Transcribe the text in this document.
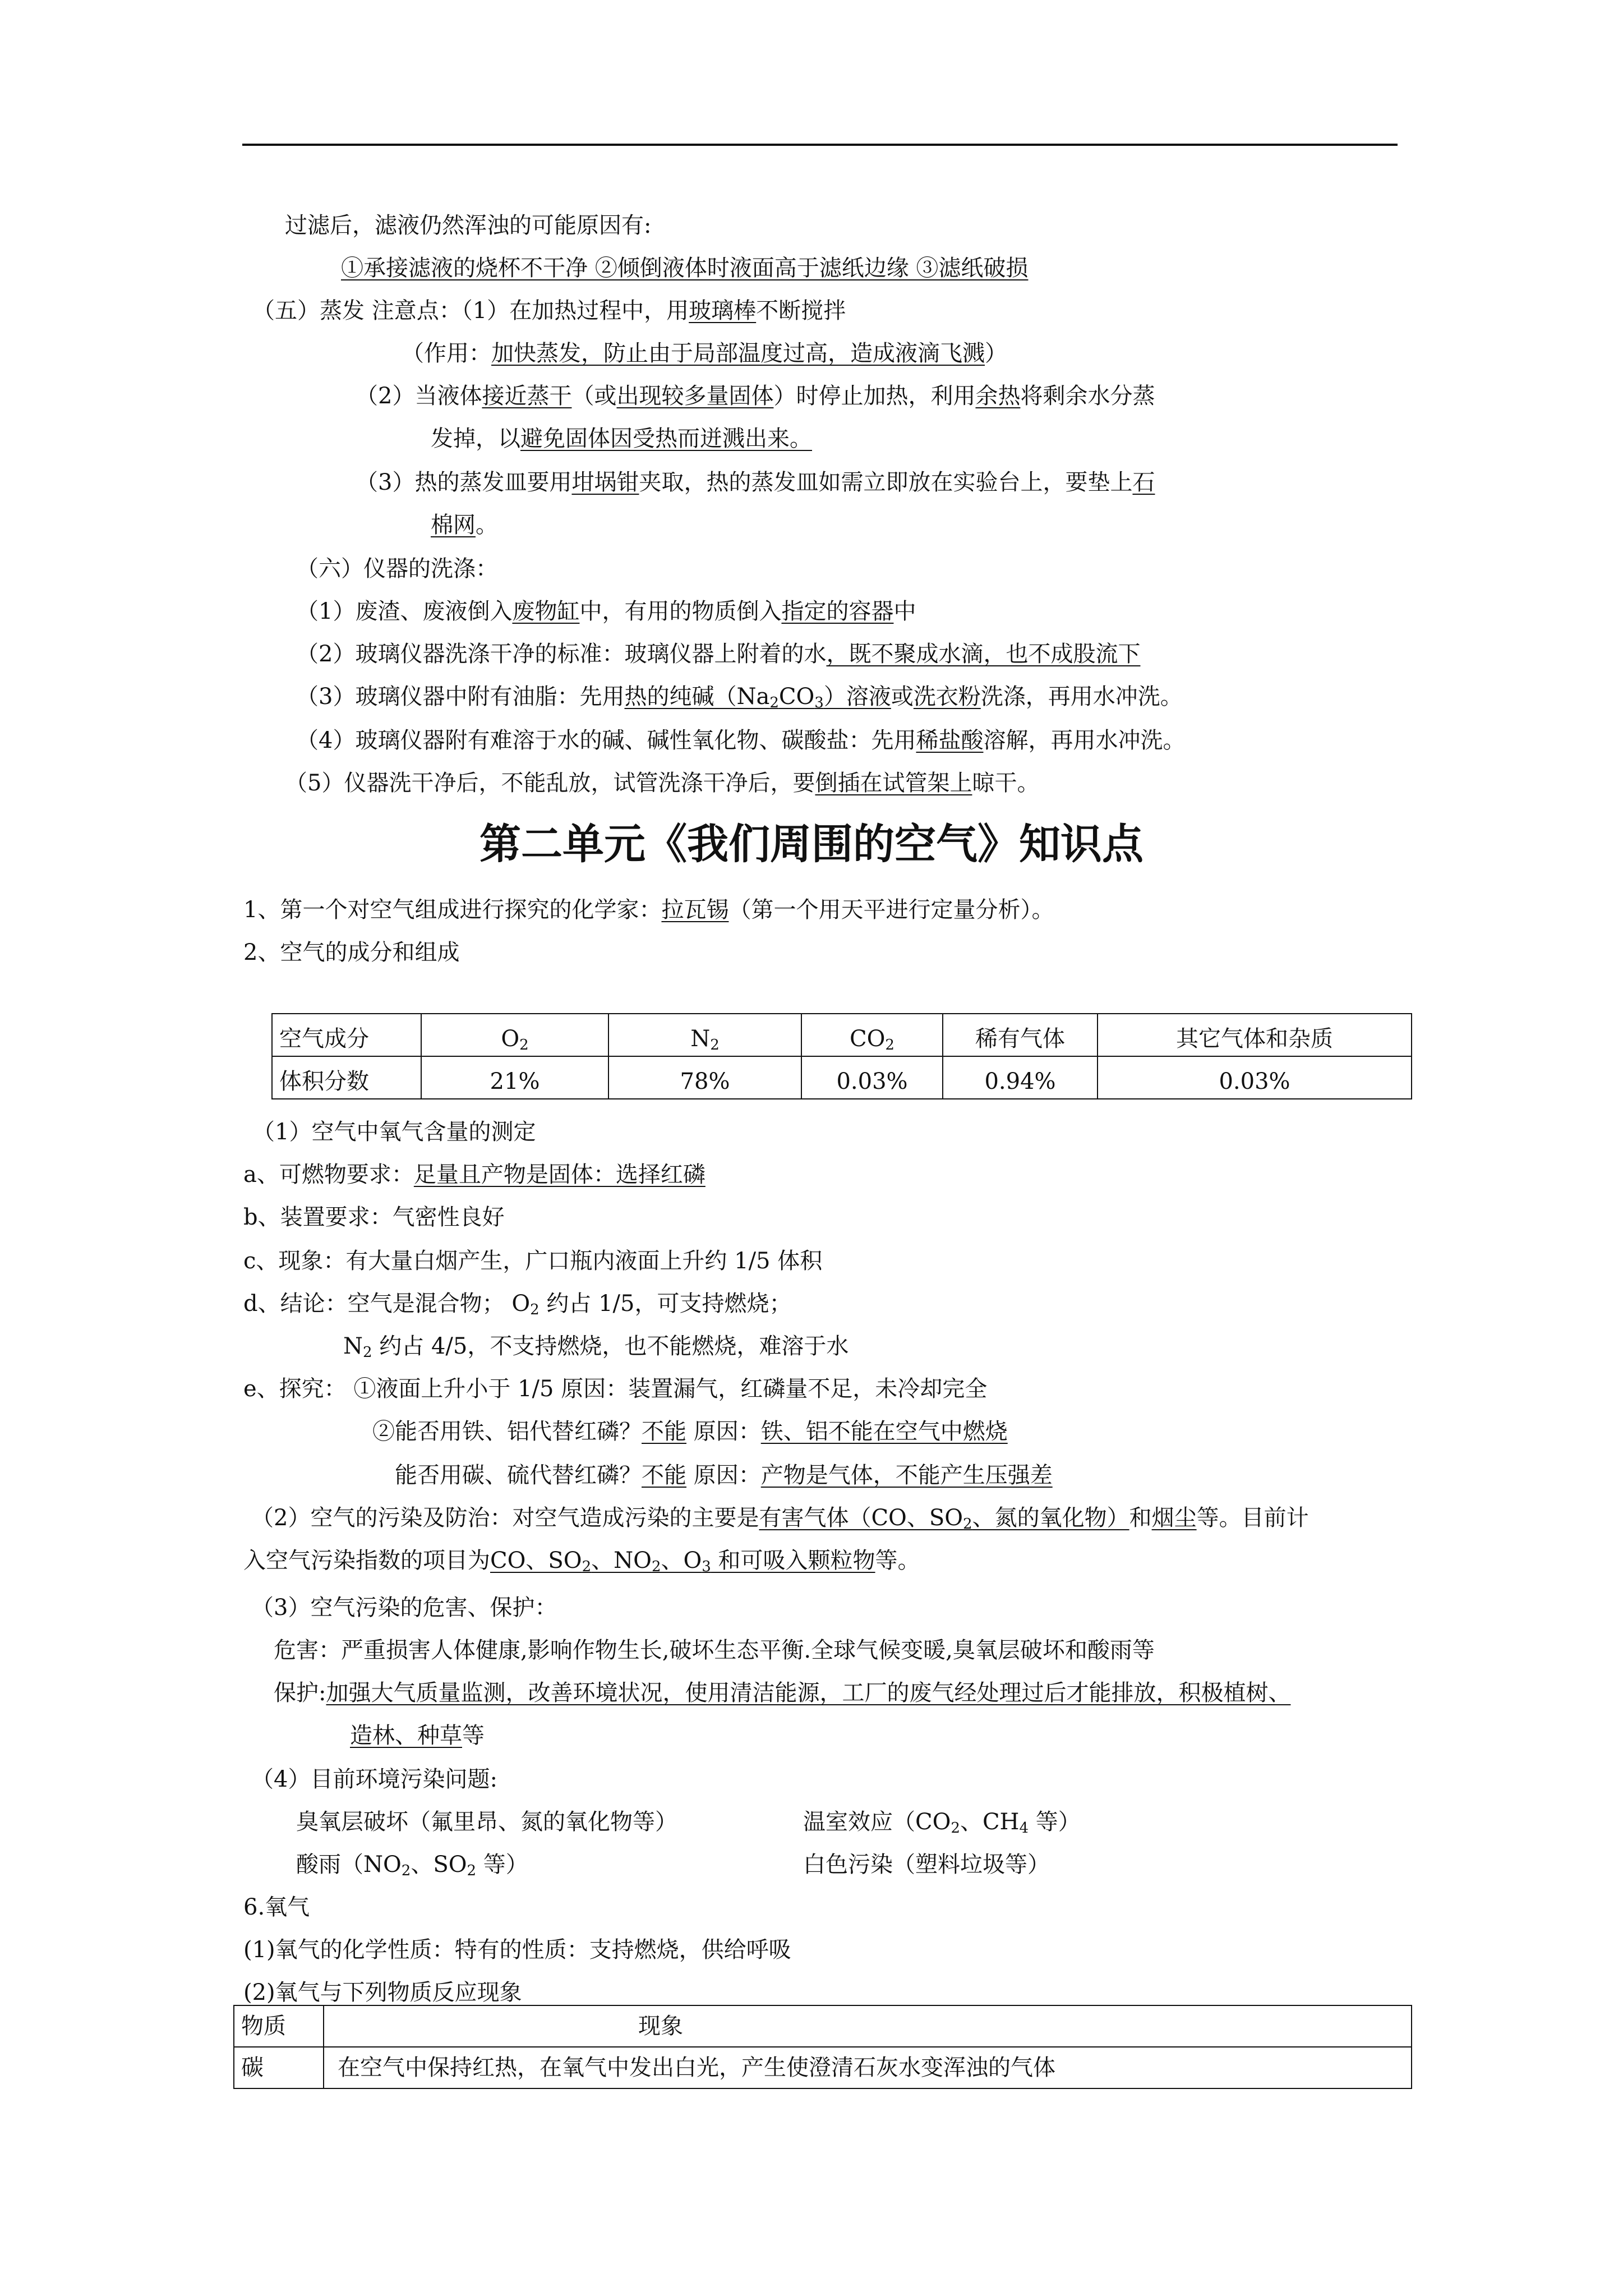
过滤后，滤液仍然浑浊的可能原因有:
①承接滤液的烧杯不干净 ②倾倒液体时液面高于滤纸边缘 ③滤纸破损
（五）蒸发 注意点：（1）在加热过程中，用玻璃棒不断搅拌
（作用：加快蒸发，防止由于局部温度过高，造成液滴飞溅）
（2）当液体接近蒸干（或出现较多量固体）时停止加热，利用余热将剩余水分蒸
发掉，以避免固体因受热而迸溅出来。
（3）热的蒸发皿要用坩埚钳夹取，热的蒸发皿如需立即放在实验台上，要垫上石
棉网。
（六）仪器的洗涤：
（1）废渣、废液倒入废物缸中，有用的物质倒入指定的容器中
（2）玻璃仪器洗涤干净的标准：玻璃仪器上附着的水，既不聚成水滴，也不成股流下
（3）玻璃仪器中附有油脂：先用热的纯碱$(Na_2CO_3)$溶液或洗衣粉洗涤，再用水冲洗。
（4）玻璃仪器附有难溶于水的碱、碱性氧化物、碳酸盐：先用稀盐酸溶解，再用水冲洗。
（5）仪器洗干净后，不能乱放，试管洗涤干净后，要倒插在试管架上晾干。
第二单元《我们周围的空气》知识点
1、第一个对空气组成进行探究的化学家：拉瓦锡（第一个用天平进行定量分析）。
2、空气的成分和组成
空气成分	$O_2$	$N_2$	$CO_2$	稀有气体	其它气体和杂质
体积分数	21%	78%	0.03%	0.94%	0.03%
（1）空气中氧气含量的测定
a、可燃物要求：足量且产物是固体：选择红磷
b、装置要求：气密性良好
c、现象：有大量白烟产生，广口瓶内液面上升约 1/5 体积
d、结论：空气是混合物； $O_2$ 约占 1/5，可支持燃烧；
$N_2$ 约占 4/5，不支持燃烧，也不能燃烧，难溶于水
e、探究： ①液面上升小于 1/5 原因：装置漏气，红磷量不足，未冷却完全
②能否用铁、铝代替红磷？不能 原因：铁、铝不能在空气中燃烧
能否用碳、硫代替红磷？不能 原因：产物是气体，不能产生压强差
（2）空气的污染及防治：对空气造成污染的主要是有害气体（CO、$SO_2$、氮的氧化物）和烟尘等。目前计
入空气污染指数的项目为CO、$SO_2$、$NO_2$、$O_3$ 和可吸入颗粒物等。
（3）空气污染的危害、保护：
危害：严重损害人体健康,影响作物生长,破坏生态平衡.全球气候变暖,臭氧层破坏和酸雨等
保护:加强大气质量监测，改善环境状况，使用清洁能源，工厂的废气经处理过后才能排放，积极植树、
造林、种草等
（4）目前环境污染问题:
臭氧层破坏（氟里昂、氮的氧化物等）	温室效应（$CO_2$、$CH_4$ 等）
酸雨（$NO_2$、$SO_2$ 等）	白色污染（塑料垃圾等）
6.氧气
(1)氧气的化学性质：特有的性质：支持燃烧，供给呼吸
(2)氧气与下列物质反应现象
物质	现象
碳	在空气中保持红热，在氧气中发出白光，产生使澄清石灰水变浑浊的气体
